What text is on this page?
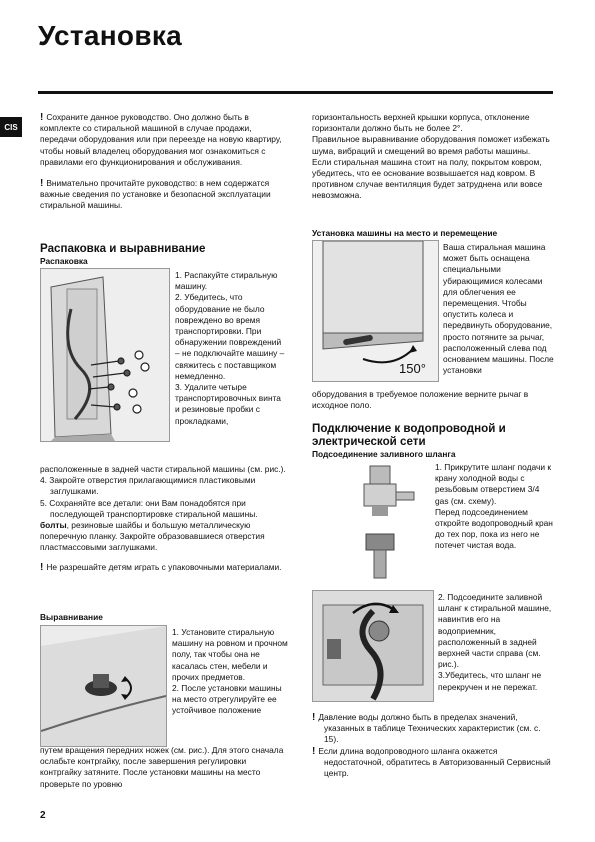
Установка
CIS

! Сохраните данное руководство. Оно должно быть в комплекте со стиральной машиной в случае продажи, передачи оборудования или при переезде на новую квартиру, чтобы новый владелец оборудования мог ознакомиться с правилами его функционирования и обслуживания.

! Внимательно прочитайте руководство: в нем содержатся важные сведения по установке и безопасной эксплуатации стиральной машины.

Распаковка и выравнивание
Распаковка
1. Распакуйте стиральную машину.
2. Убедитесь, что оборудование не было повреждено во время транспортировки. При обнаружении повреждений – не подключайте машину – свяжитесь с поставщиком немедленно.
3. Удалите четыре транспортировочных винта и резиновые пробки с прокладками,
расположенные в задней части стиральной машины (см. рис.).
4. Закройте отверстия прилагающимися пластиковыми заглушками.
5. Сохраняйте все детали: они Вам понадобятся при последующей транспортировке стиральной машины.
болты, резиновые шайбы и большую металлическую поперечную планку. Закройте образовавшиеся отверстия пластмассовыми заглушками.
! Не разрешайте детям играть с упаковочными материалами.
Выравнивание
1. Установите стиральную машину на ровном и прочном полу, так чтобы она не касалась стен, мебели и прочих предметов.
2. После установки машины на место отрегулируйте ее устойчивое положение
путем вращения передних ножек (см. рис.). Для этого сначала ослабьте контргайку, после завершения регулировки контргайку затяните. После установки машины на место проверьте по уровню
горизонтальность верхней крышки корпуса, отклонение горизонтали должно быть не более 2°.
Правильное выравнивание оборудования поможет избежать шума, вибраций и смещений во время работы машины.
Если стиральная машина стоит на полу, покрытом ковром, убедитесь, что ее основание возвышается над ковром. В противном случае вентиляция будет затруднена или вовсе невозможна.
Установка машины на место и перемещение
150°
Ваша стиральная машина может быть оснащена специальными убирающимися колесами для облегчения ее перемещения. Чтобы опустить колеса и передвинуть оборудование, просто потяните за рычаг, расположенный слева под основанием машины. После установки
оборудования в требуемое положение верните рычаг в исходное поло.
Подключение к водопроводной и электрической сети
Подсоединение заливного шланга
1. Прикрутите шланг подачи к крану холодной воды с резьбовым отверстием 3/4 gas (см. схему).
Перед подсоединением откройте водопроводный кран до тех пор, пока из него не потечет чистая вода.
2. Подсоедините заливной шланг к стиральной машине, навинтив его на водоприемник, расположенный в задней верхней части справа (см. рис.).
3.Убедитесь, что шланг не перекручен и не пережат.
! Давление воды должно быть в пределах значений, указанных в таблице Технических характеристик (см. с. 15).
! Если длина водопроводного шланга окажется недостаточной, обратитесь в Авторизованный Сервисный центр.
2
